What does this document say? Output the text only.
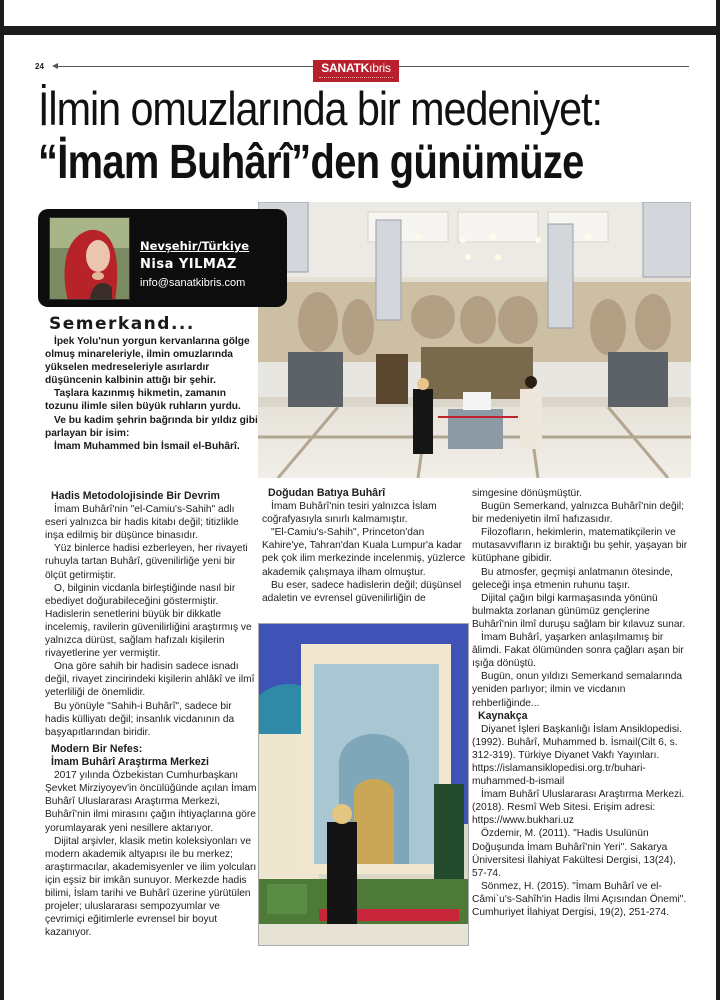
24	SANATKıbris
İlmin omuzlarında bir medeniyet:
“İmam Buhârî”den günümüze
Nevşehir/Türkiye
Nisa YILMAZ
info@sanatkibris.com
Semerkand...

İpek Yolu'nun yorgun kervanlarına gölge olmuş minareleriyle, ilmin omuzlarında yükselen medreseleriyle asırlardır düşüncenin kalbinin attığı bir şehir.

Taşlara kazınmış hikmetin, zamanın tozunu ilimle silen büyük ruhların yurdu.

Ve bu kadim şehrin bağrında bir yıldız gibi parlayan bir isim:

İmam Muhammed bin İsmail el-Buhârî.

Hadis Metodolojisinde Bir Devrim

İmam Buhârî'nin "el-Camiu's-Sahih" adlı eseri yalnızca bir hadis kitabı değil; titizlikle inşa edilmiş bir düşünce binasıdır.

Yüz binlerce hadisi ezberleyen, her rivayeti ruhuyla tartan Buhârî, güvenilirliğe yeni bir ölçüt getirmiştir.

O, bilginin vicdanla birleştiğinde nasıl bir ebediyet doğurabileceğini göstermiştir. Hadislerin senetlerini büyük bir dikkatle incelemiş, ravilerin güvenilirliğini araştırmış ve yalnızca dürüst, sağlam hafızalı kişilerin rivayetlerine yer vermiştir.

Ona göre sahih bir hadisin sadece isnadı değil, rivayet zincirindeki kişilerin ahlâkî ve ilmî yeterliliği de önemlidir.

Bu yönüyle "Sahih-i Buhârî", sadece bir hadis külliyatı değil; insanlık vicdanının da başyapıtlarından biridir.

Modern Bir Nefes:
İmam Buhârî Araştırma Merkezi

2017 yılında Özbekistan Cumhurbaşkanı Şevket Mirziyoyev'in öncülüğünde açılan İmam Buhârî Uluslararası Araştırma Merkezi, Buhârî'nin ilmi mirasını çağın ihtiyaçlarına göre yorumlayarak yeni nesillere aktarıyor.

Dijital arşivler, klasik metin koleksiyonları ve modern akademik altyapısı ile bu merkez; araştırmacılar, akademisyenler ve ilim yolcuları için eşsiz bir imkân sunuyor. Merkezde hadis bilimi, İslam tarihi ve Buhârî üzerine yürütülen projeler; uluslararası sempozyumlar ve çevrimiçi eğitimlerle evrensel bir boyut kazanıyor.

Doğudan Batıya Buhârî

İmam Buhârî'nin tesiri yalnızca İslam coğrafyasıyla sınırlı kalmamıştır.

"El-Camiu's-Sahih", Princeton'dan Kahire'ye, Tahran'dan Kuala Lumpur'a kadar pek çok ilim merkezinde incelenmiş, yüzlerce akademik çalışmaya ilham olmuştur.

Bu eser, sadece hadislerin değil; düşünsel adaletin ve evrensel güvenilirliğin de

simgesine dönüşmüştür.

Bugün Semerkand, yalnızca Buhârî'nin değil; bir medeniyetin ilmî hafızasıdır.

Filozofların, hekimlerin, matematikçilerin ve mutasavvıfların iz bıraktığı bu şehir, yaşayan bir kütüphane gibidir.

Bu atmosfer, geçmişi anlatmanın ötesinde, geleceği inşa etmenin ruhunu taşır.

Dijital çağın bilgi karmaşasında yönünü bulmakta zorlanan günümüz gençlerine Buhârî'nin ilmî duruşu sağlam bir kılavuz sunar.

İmam Buhârî, yaşarken anlaşılmamış bir âlimdi. Fakat ölümünden sonra çağları aşan bir ışığa dönüştü.

Bugün, onun yıldızı Semerkand semalarında yeniden parlıyor; ilmin ve vicdanın rehberliğinde...

Kaynakça

Diyanet İşleri Başkanlığı İslam Ansiklopedisi. (1992). Buhârî, Muhammed b. İsmail(Cilt 6, s. 312-319). Türkiye Diyanet Vakfı Yayınları. https://islamansiklopedisi.org.tr/buhari-muhammed-b-ismail

İmam Buhârî Uluslararası Araştırma Merkezi. (2018). Resmî Web Sitesi. Erişim adresi: https://www.bukhari.uz

Özdemir, M. (2011). "Hadis Usulünün Doğuşunda İmam Buhârî'nin Yeri". Sakarya Üniversitesi İlahiyat Fakültesi Dergisi, 13(24), 57-74.

Sönmez, H. (2015). "İmam Buhârî ve el-Câmi`u's-Sahîh'in Hadis İlmi Açısından Önemi". Cumhuriyet İlahiyat Dergisi, 19(2), 251-274.
